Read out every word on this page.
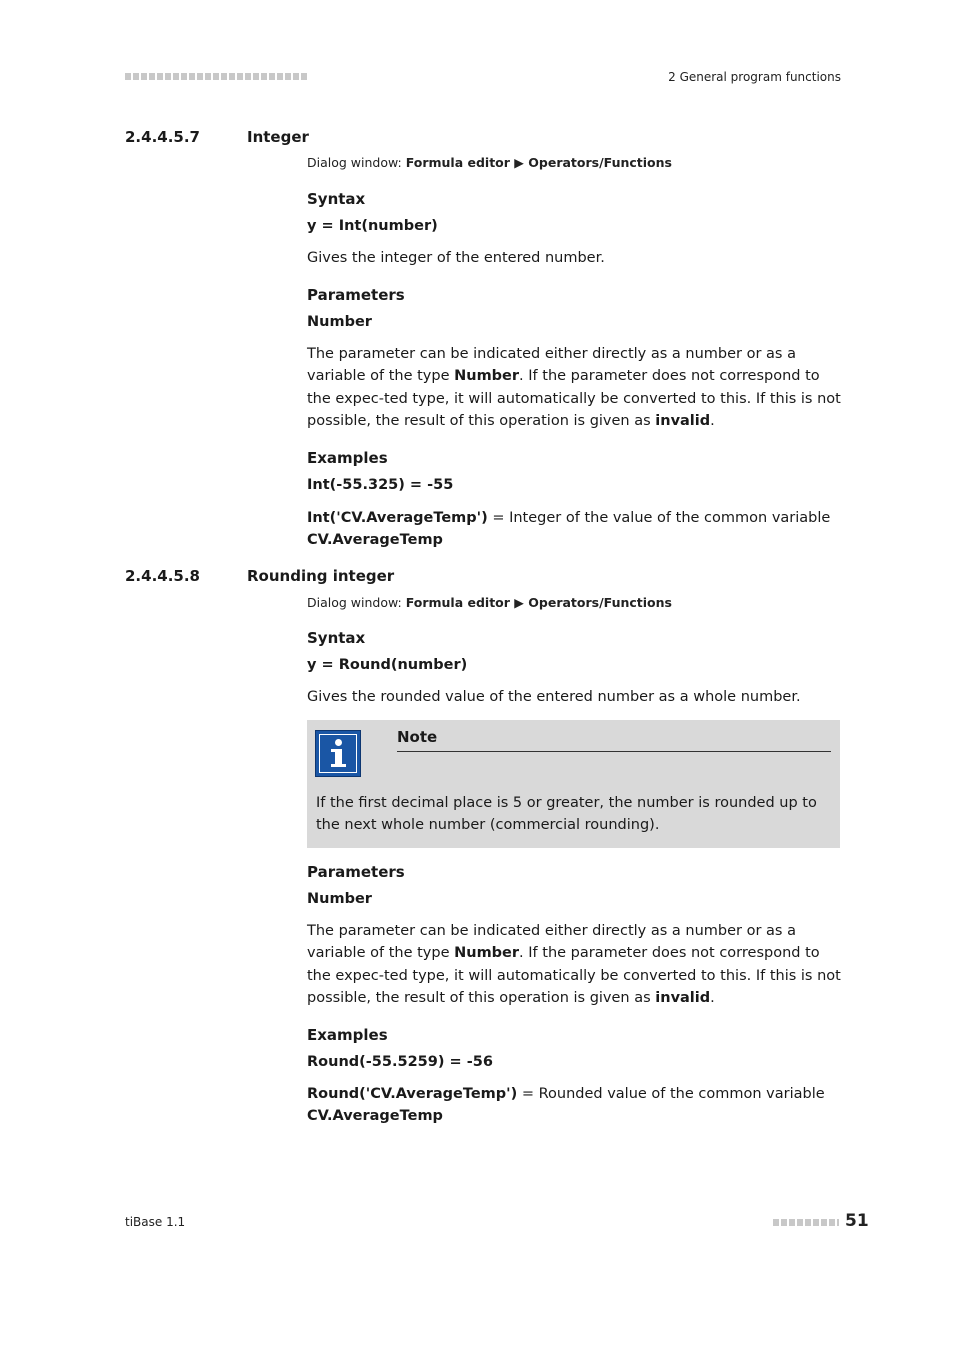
2 General program functions
2.4.4.5.7	Integer
Dialog window: Formula editor ▶ Operators/Functions
Syntax
y = Int(number)
Gives the integer of the entered number.
Parameters
Number
The parameter can be indicated either directly as a number or as a variable of the type Number. If the parameter does not correspond to the expec-ted type, it will automatically be converted to this. If this is not possible, the result of this operation is given as invalid.
Examples
Int(-55.325) = -55
Int('CV.AverageTemp') = Integer of the value of the common variable CV.AverageTemp
2.4.4.5.8	Rounding integer
Dialog window: Formula editor ▶ Operators/Functions
Syntax
y = Round(number)
Gives the rounded value of the entered number as a whole number.
Note
If the first decimal place is 5 or greater, the number is rounded up to the next whole number (commercial rounding).
Parameters
Number
The parameter can be indicated either directly as a number or as a variable of the type Number. If the parameter does not correspond to the expec-ted type, it will automatically be converted to this. If this is not possible, the result of this operation is given as invalid.
Examples
Round(-55.5259) = -56
Round('CV.AverageTemp') = Rounded value of the common variable CV.AverageTemp
tiBase 1.1	51
